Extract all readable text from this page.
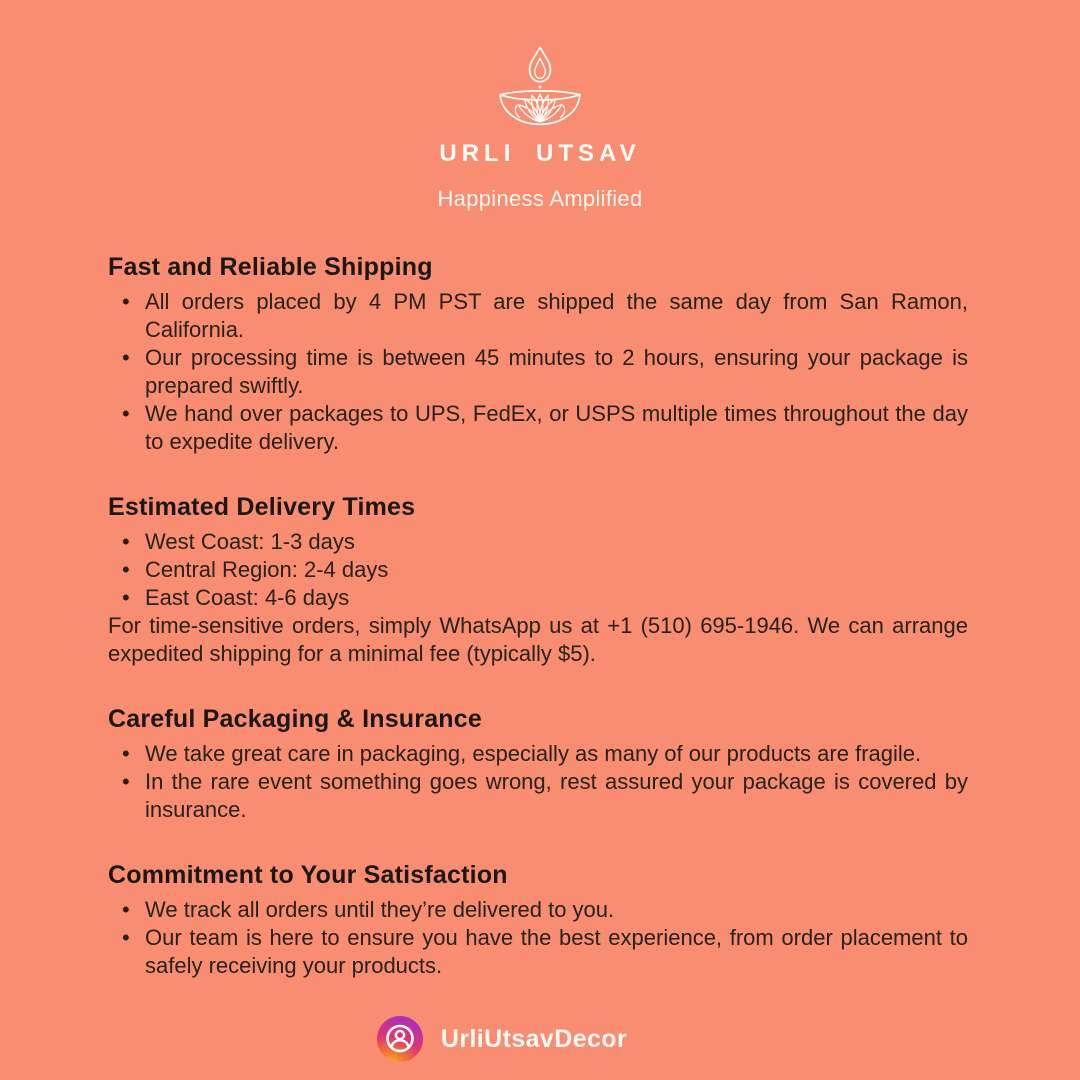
URLI UTSAV
Happiness Amplified
Fast and Reliable Shipping
• All orders placed by 4 PM PST are shipped the same day from San Ramon, California.
• Our processing time is between 45 minutes to 2 hours, ensuring your package is prepared swiftly.
• We hand over packages to UPS, FedEx, or USPS multiple times throughout the day to expedite delivery.
Estimated Delivery Times
• West Coast: 1-3 days
• Central Region: 2-4 days
• East Coast: 4-6 days

For time-sensitive orders, simply WhatsApp us at +1 (510) 695-1946. We can arrange expedited shipping for a minimal fee (typically $5).

Careful Packaging & Insurance
• We take great care in packaging, especially as many of our products are fragile.
• In the rare event something goes wrong, rest assured your package is covered by insurance.
Commitment to Your Satisfaction
• We track all orders until they’re delivered to you.
• Our team is here to ensure you have the best experience, from order placement to safely receiving your products.
UrliUtsavDecor
